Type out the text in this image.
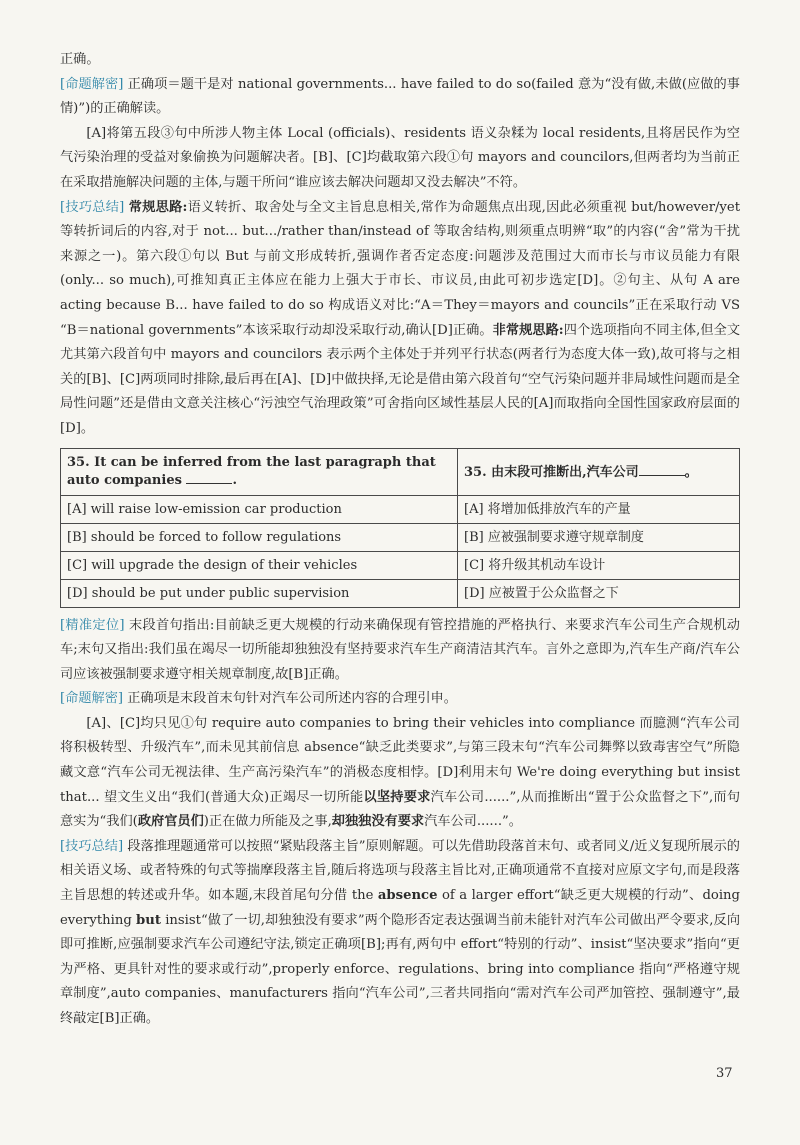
正确。

[命题解密] 正确项＝题干是对 national governments... have failed to do so(failed 意为“没有做,未做(应做的事情)”)的正确解读。

[A]将第五段③句中所涉人物主体 Local (officials)、residents 语义杂糅为 local residents,且将居民作为空气污染治理的受益对象偷换为问题解决者。[B]、[C]均截取第六段①句 mayors and councilors,但两者均为当前正在采取措施解决问题的主体,与题干所问“谁应该去解决问题却又没去解决”不符。

[技巧总结] 常规思路:语义转折、取舍处与全文主旨息息相关,常作为命题焦点出现,因此必须重视 but/however/yet 等转折词后的内容,对于 not... but.../rather than/instead of 等取舍结构,则须重点明辨“取”的内容(“舍”常为干扰来源之一)。第六段①句以 But 与前文形成转折,强调作者否定态度:问题涉及范围过大而市长与市议员能力有限(only... so much),可推知真正主体应在能力上强大于市长、市议员,由此可初步选定[D]。②句主、从句 A are acting because B... have failed to do so 构成语义对比:“A＝They＝mayors and councils”正在采取行动 VS “B＝national governments”本该采取行动却没采取行动,确认[D]正确。非常规思路:四个选项指向不同主体,但全文尤其第六段首句中 mayors and councilors 表示两个主体处于并列平行状态(两者行为态度大体一致),故可将与之相关的[B]、[C]两项同时排除,最后再在[A]、[D]中做抉择,无论是借由第六段首句“空气污染问题并非局域性问题而是全局性问题”还是借由文意关注核心“污浊空气治理政策”可舍指向区域性基层人民的[A]而取指向全国性国家政府层面的[D]。

35. It can be inferred from the last paragraph that auto companies .	35. 由末段可推断出,汽车公司 。
[A] will raise low-emission car production	[A] 将增加低排放汽车的产量
[B] should be forced to follow regulations	[B] 应被强制要求遵守规章制度
[C] will upgrade the design of their vehicles	[C] 将升级其机动车设计
[D] should be put under public supervision	[D] 应被置于公众监督之下

[精准定位] 末段首句指出:目前缺乏更大规模的行动来确保现有管控措施的严格执行、来要求汽车公司生产合规机动车;末句又指出:我们虽在竭尽一切所能却独独没有坚持要求汽车生产商清洁其汽车。言外之意即为,汽车生产商/汽车公司应该被强制要求遵守相关规章制度,故[B]正确。

[命题解密] 正确项是末段首末句针对汽车公司所述内容的合理引申。

[A]、[C]均只见①句 require auto companies to bring their vehicles into compliance 而臆测“汽车公司将积极转型、升级汽车”,而未见其前信息 absence“缺乏此类要求”,与第三段末句“汽车公司舞弊以致毒害空气”所隐藏文意“汽车公司无视法律、生产高污染汽车”的消极态度相悖。[D]利用末句 We're doing everything but insist that... 望文生义出“我们(普通大众)正竭尽一切所能以坚持要求汽车公司......”,从而推断出“置于公众监督之下”,而句意实为“我们(政府官员们)正在做力所能及之事,却独独没有要求汽车公司......”。

[技巧总结] 段落推理题通常可以按照“紧贴段落主旨”原则解题。可以先借助段落首末句、或者同义/近义复现所展示的相关语义场、或者特殊的句式等揣摩段落主旨,随后将选项与段落主旨比对,正确项通常不直接对应原文字句,而是段落主旨思想的转述或升华。如本题,末段首尾句分借 the absence of a larger effort“缺乏更大规模的行动”、doing everything but insist“做了一切,却独独没有要求”两个隐形否定表达强调当前未能针对汽车公司做出严令要求,反向即可推断,应强制要求汽车公司遵纪守法,锁定正确项[B];再有,两句中 effort“特别的行动”、insist“坚决要求”指向“更为严格、更具针对性的要求或行动”,properly enforce、regulations、bring into compliance 指向“严格遵守规章制度”,auto companies、manufacturers 指向“汽车公司”,三者共同指向“需对汽车公司严加管控、强制遵守”,最终敲定[B]正确。

37
